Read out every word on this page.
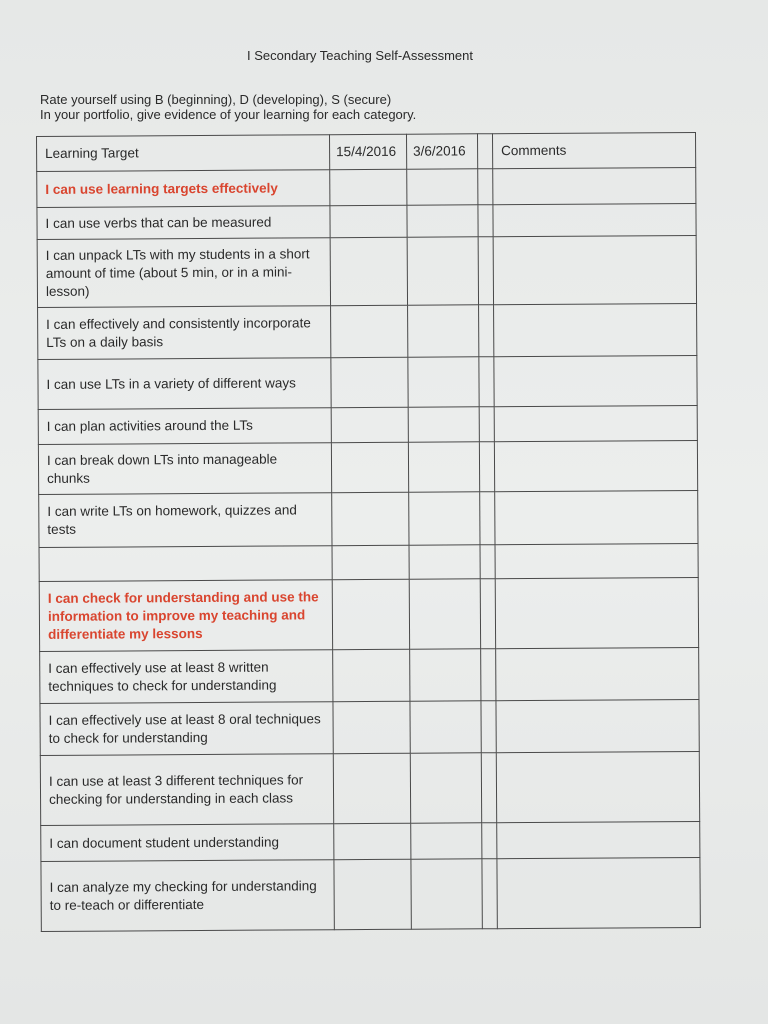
I Secondary Teaching Self-Assessment
Rate yourself using B (beginning), D (developing), S (secure)
In your portfolio, give evidence of your learning for each category.
Learning Target	15/4/2016	3/6/2016		Comments
I can use learning targets effectively				
I can use verbs that can be measured				
I can unpack LTs with my students in a short amount of time (about 5 min, or in a mini-lesson)				
I can effectively and consistently incorporate LTs on a daily basis				
I can use LTs in a variety of different ways				
I can plan activities around the LTs				
I can break down LTs into manageable chunks				
I can write LTs on homework, quizzes and tests				

I can check for understanding and use the information to improve my teaching and differentiate my lessons				
I can effectively use at least 8 written techniques to check for understanding				
I can effectively use at least 8 oral techniques to check for understanding				
I can use at least 3 different techniques for checking for understanding in each class				
I can document student understanding				
I can analyze my checking for understanding to re-teach or differentiate				
